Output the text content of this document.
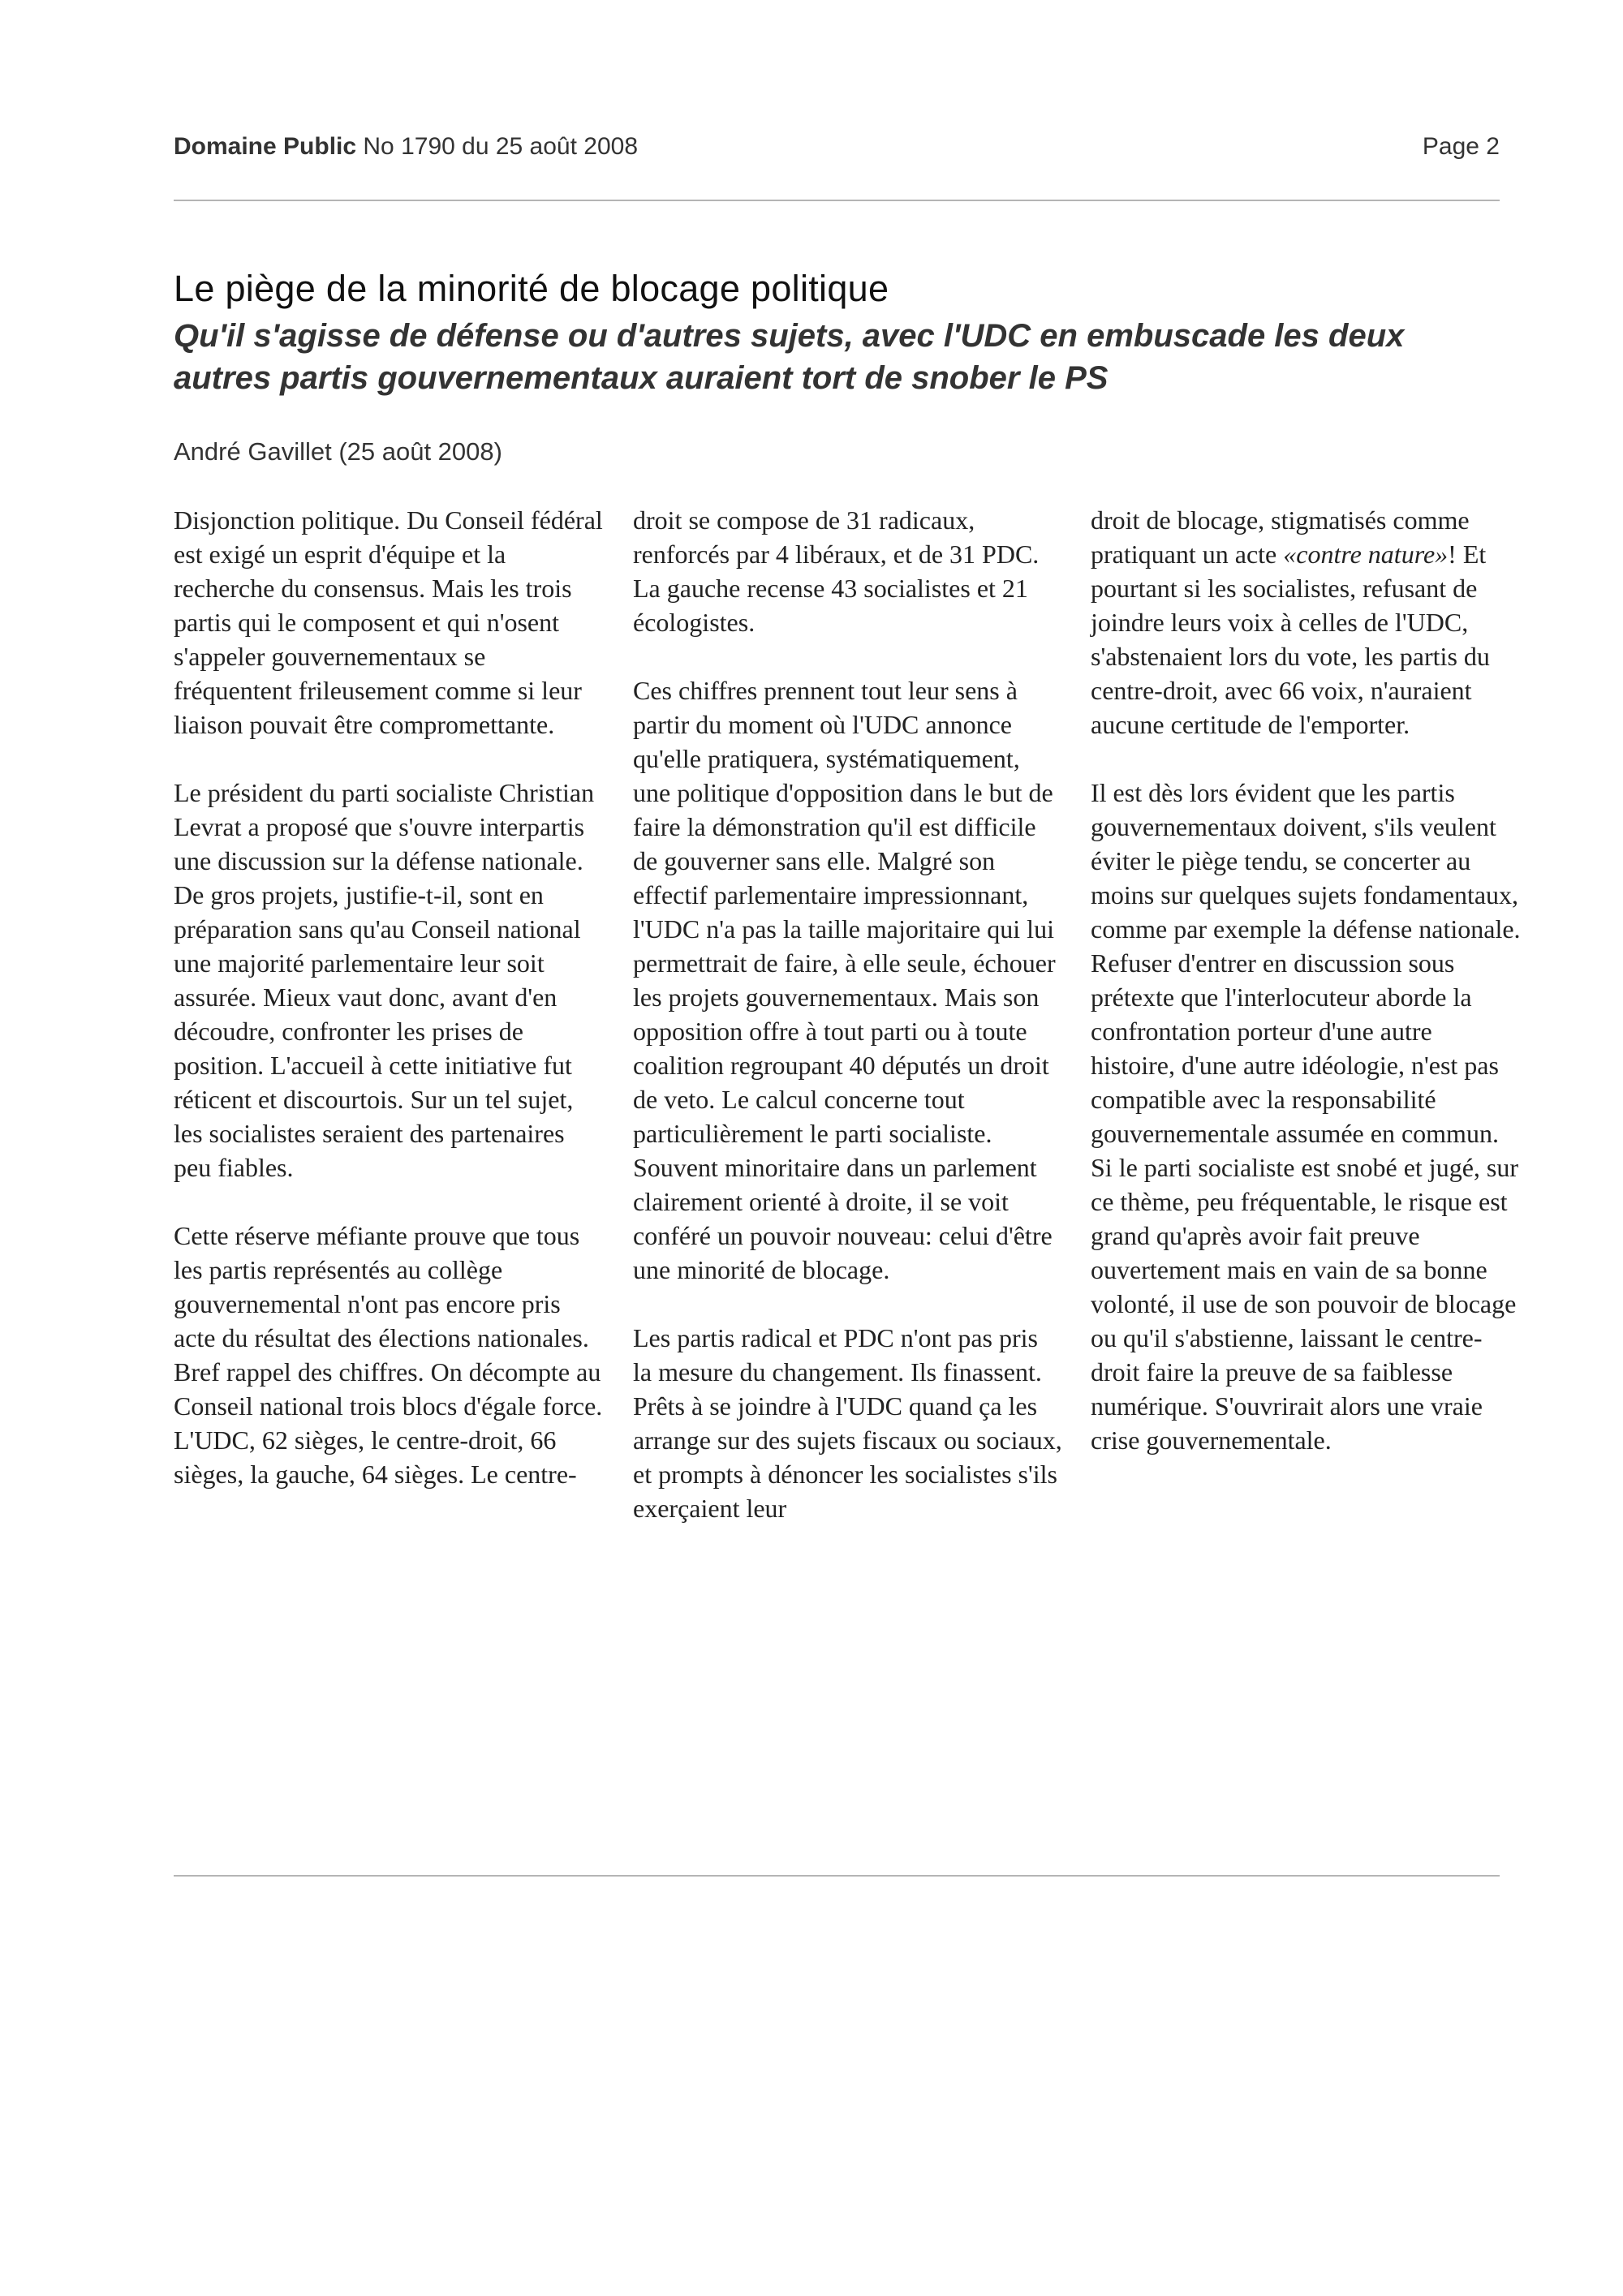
Domaine Public No 1790 du 25 août 2008	Page 2
Le piège de la minorité de blocage politique
Qu'il s'agisse de défense ou d'autres sujets, avec l'UDC en embuscade les deux autres partis gouvernementaux auraient tort de snober le PS

André Gavillet (25 août 2008)

Disjonction politique. Du Conseil fédéral est exigé un esprit d'équipe et la recherche du consensus. Mais les trois partis qui le composent et qui n'osent s'appeler gouvernementaux se fréquentent frileusement comme si leur liaison pouvait être compromettante.

Le président du parti socialiste Christian Levrat a proposé que s'ouvre interpartis une discussion sur la défense nationale. De gros projets, justifie-t-il, sont en préparation sans qu'au Conseil national une majorité parlementaire leur soit assurée. Mieux vaut donc, avant d'en découdre, confronter les prises de position. L'accueil à cette initiative fut réticent et discourtois. Sur un tel sujet, les socialistes seraient des partenaires peu fiables.

Cette réserve méfiante prouve que tous les partis représentés au collège gouvernemental n'ont pas encore pris acte du résultat des élections nationales. Bref rappel des chiffres. On décompte au Conseil national trois blocs d'égale force. L'UDC, 62 sièges, le centre-droit, 66 sièges, la gauche, 64 sièges. Le centre-

droit se compose de 31 radicaux, renforcés par 4 libéraux, et de 31 PDC. La gauche recense 43 socialistes et 21 écologistes.

Ces chiffres prennent tout leur sens à partir du moment où l'UDC annonce qu'elle pratiquera, systématiquement, une politique d'opposition dans le but de faire la démonstration qu'il est difficile de gouverner sans elle. Malgré son effectif parlementaire impressionnant, l'UDC n'a pas la taille majoritaire qui lui permettrait de faire, à elle seule, échouer les projets gouvernementaux. Mais son opposition offre à tout parti ou à toute coalition regroupant 40 députés un droit de veto. Le calcul concerne tout particulièrement le parti socialiste. Souvent minoritaire dans un parlement clairement orienté à droite, il se voit conféré un pouvoir nouveau: celui d'être une minorité de blocage.

Les partis radical et PDC n'ont pas pris la mesure du changement. Ils finassent. Prêts à se joindre à l'UDC quand ça les arrange sur des sujets fiscaux ou sociaux, et prompts à dénoncer les socialistes s'ils exerçaient leur

droit de blocage, stigmatisés comme pratiquant un acte «contre nature»! Et pourtant si les socialistes, refusant de joindre leurs voix à celles de l'UDC, s'abstenaient lors du vote, les partis du centre-droit, avec 66 voix, n'auraient aucune certitude de l'emporter.

Il est dès lors évident que les partis gouvernementaux doivent, s'ils veulent éviter le piège tendu, se concerter au moins sur quelques sujets fondamentaux, comme par exemple la défense nationale. Refuser d'entrer en discussion sous prétexte que l'interlocuteur aborde la confrontation porteur d'une autre histoire, d'une autre idéologie, n'est pas compatible avec la responsabilité gouvernementale assumée en commun. Si le parti socialiste est snobé et jugé, sur ce thème, peu fréquentable, le risque est grand qu'après avoir fait preuve ouvertement mais en vain de sa bonne volonté, il use de son pouvoir de blocage ou qu'il s'abstienne, laissant le centre-droit faire la preuve de sa faiblesse numérique. S'ouvrirait alors une vraie crise gouvernementale.
